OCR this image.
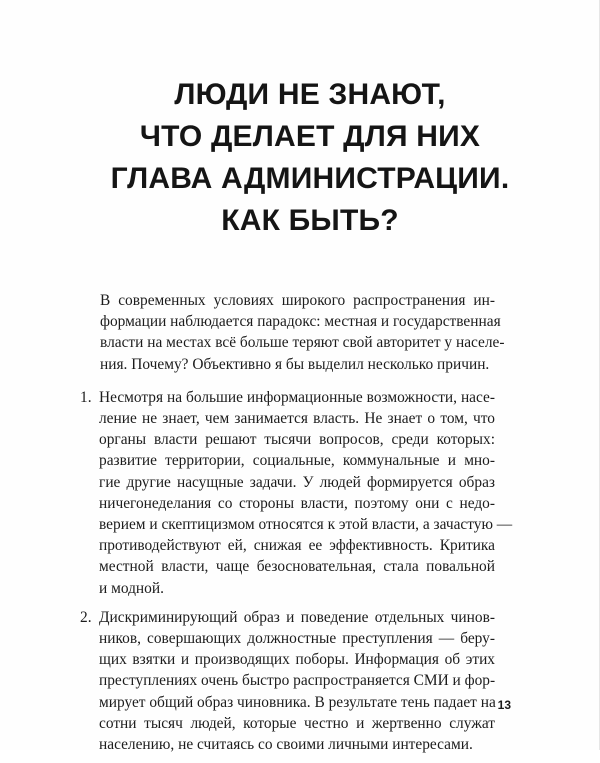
ЛЮДИ НЕ ЗНАЮТ,
ЧТО ДЕЛАЕТ ДЛЯ НИХ
ГЛАВА АДМИНИСТРАЦИИ.
КАК БЫТЬ?

В современных условиях широкого распространения ин-
формации наблюдается парадокс: местная и государственная
власти на местах всё больше теряют свой авторитет у населе-
ния. Почему? Объективно я бы выделил несколько причин.

1. Несмотря на большие информационные возможности, насе-
ление не знает, чем занимается власть. Не знает о том, что
органы власти решают тысячи вопросов, среди которых:
развитие территории, социальные, коммунальные и мно-
гие другие насущные задачи. У людей формируется образ
ничегонеделания со стороны власти, поэтому они с недо-
верием и скептицизмом относятся к этой власти, а зачастую —
противодействуют ей, снижая ее эффективность. Критика
местной власти, чаще безосновательная, стала повальной
и модной.
2. Дискриминирующий образ и поведение отдельных чинов-
ников, совершающих должностные преступления — беру-
щих взятки и производящих поборы. Информация об этих
преступлениях очень быстро распространяется СМИ и фор-
мирует общий образ чиновника. В результате тень падает на
сотни тысяч людей, которые честно и жертвенно служат
населению, не считаясь со своими личными интересами.
13
